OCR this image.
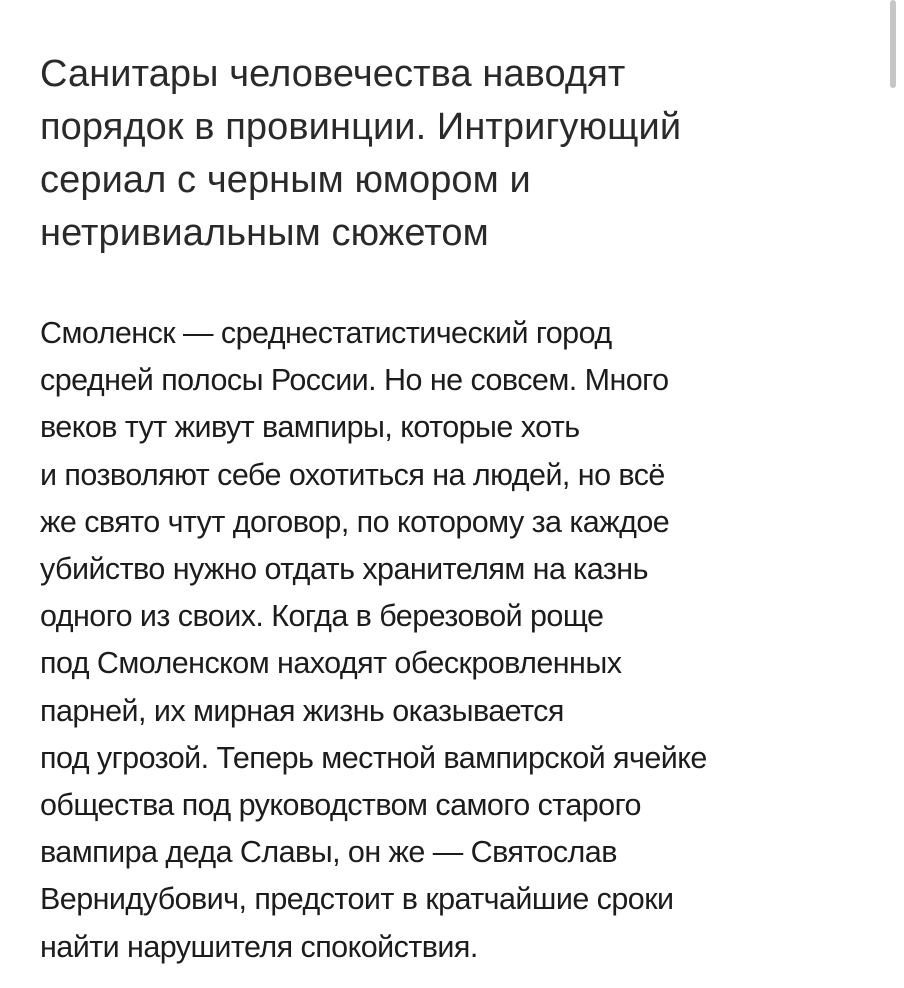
Санитары человечества наводят
порядок в провинции. Интригующий
сериал с черным юмором и
нетривиальным сюжетом

Смоленск — среднестатистический город
средней полосы России. Но не совсем. Много
веков тут живут вампиры, которые хоть
и позволяют себе охотиться на людей, но всё
же свято чтут договор, по которому за каждое
убийство нужно отдать хранителям на казнь
одного из своих. Когда в березовой роще
под Смоленском находят обескровленных
парней, их мирная жизнь оказывается
под угрозой. Теперь местной вампирской ячейке
общества под руководством самого старого
вампира деда Славы, он же — Святослав
Вернидубович, предстоит в кратчайшие сроки
найти нарушителя спокойствия.
